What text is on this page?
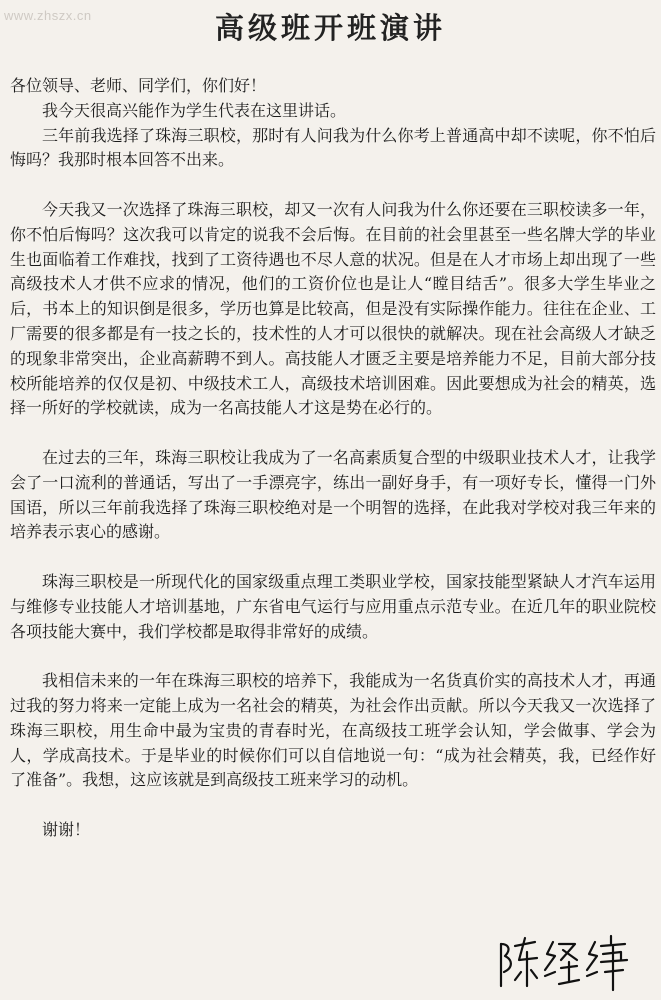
www.zhszx.cn	高级班开班演讲

各位领导、老师、同学们，你们好！

我今天很高兴能作为学生代表在这里讲话。

三年前我选择了珠海三职校，那时有人问我为什么你考上普通高中却不读呢，你不怕后悔吗？我那时根本回答不出来。

今天我又一次选择了珠海三职校，却又一次有人问我为什么你还要在三职校读多一年，你不怕后悔吗？这次我可以肯定的说我不会后悔。在目前的社会里甚至一些名牌大学的毕业生也面临着工作难找，找到了工资待遇也不尽人意的状况。但是在人才市场上却出现了一些高级技术人才供不应求的情况，他们的工资价位也是让人“瞠目结舌”。很多大学生毕业之后，书本上的知识倒是很多，学历也算是比较高，但是没有实际操作能力。往往在企业、工厂需要的很多都是有一技之长的，技术性的人才可以很快的就解决。现在社会高级人才缺乏的现象非常突出，企业高薪聘不到人。高技能人才匮乏主要是培养能力不足，目前大部分技校所能培养的仅仅是初、中级技术工人，高级技术培训困难。因此要想成为社会的精英，选择一所好的学校就读，成为一名高技能人才这是势在必行的。

在过去的三年，珠海三职校让我成为了一名高素质复合型的中级职业技术人才，让我学会了一口流利的普通话，写出了一手漂亮字，练出一副好身手，有一项好专长，懂得一门外国语，所以三年前我选择了珠海三职校绝对是一个明智的选择，在此我对学校对我三年来的培养表示衷心的感谢。

珠海三职校是一所现代化的国家级重点理工类职业学校，国家技能型紧缺人才汽车运用与维修专业技能人才培训基地，广东省电气运行与应用重点示范专业。在近几年的职业院校各项技能大赛中，我们学校都是取得非常好的成绩。

我相信未来的一年在珠海三职校的培养下，我能成为一名货真价实的高技术人才，再通过我的努力将来一定能上成为一名社会的精英，为社会作出贡献。所以今天我又一次选择了珠海三职校，用生命中最为宝贵的青春时光，在高级技工班学会认知，学会做事、学会为人，学成高技术。于是毕业的时候你们可以自信地说一句：“成为社会精英，我，已经作好了准备”。我想，这应该就是到高级技工班来学习的动机。

谢谢！
